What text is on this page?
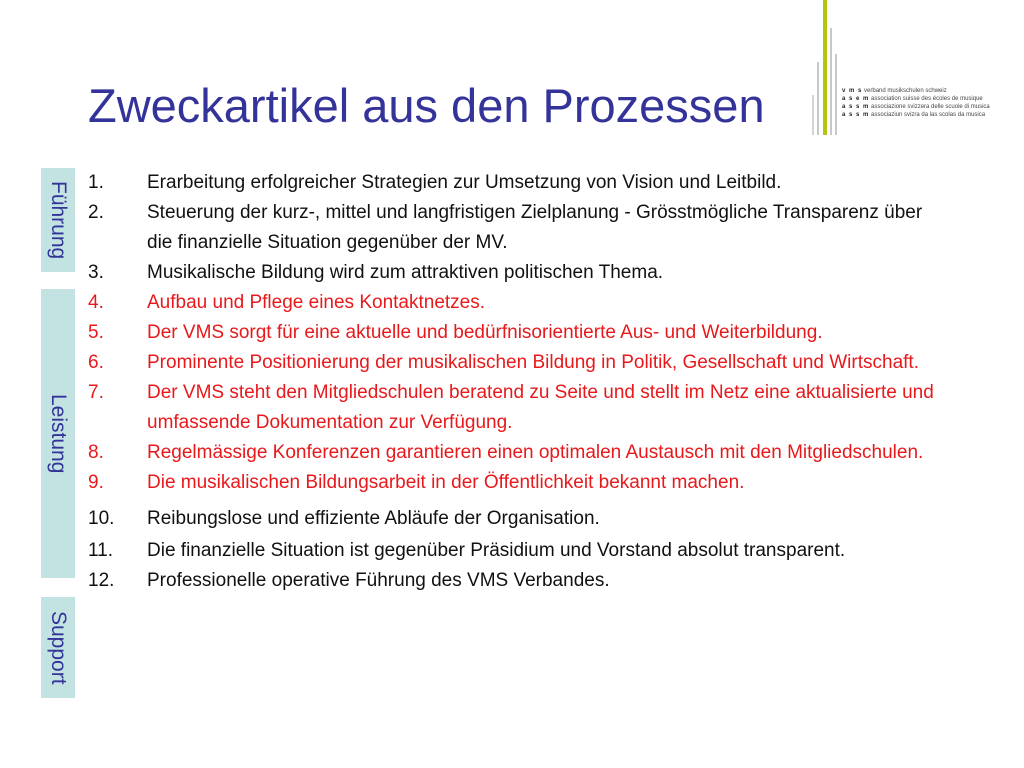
Zweckartikel aus den Prozessen	v m s verband musikschulen schweiz
a s e m association suisse des écoles de musique
a s s m associazione svizzera delle scuole di musica
a s s m associaziun svizra da las scolas da musica
Führung
Leistung
Support
1.	Erarbeitung erfolgreicher Strategien zur Umsetzung von Vision und Leitbild.
2.	Steuerung der kurz-, mittel und langfristigen Zielplanung - Grösstmögliche Transparenz über die finanzielle Situation gegenüber der MV.
3.	Musikalische Bildung wird zum attraktiven politischen Thema.
4.	Aufbau und Pflege eines Kontaktnetzes.
5.	Der VMS sorgt für eine aktuelle und bedürfnisorientierte Aus- und Weiterbildung.
6.	Prominente Positionierung der musikalischen Bildung in Politik, Gesellschaft und Wirtschaft.
7.	Der VMS steht den Mitgliedschulen beratend zu Seite und stellt im Netz eine aktualisierte und umfassende Dokumentation zur Verfügung.
8.	Regelmässige Konferenzen garantieren einen optimalen Austausch mit den Mitgliedschulen.
9.	Die musikalischen Bildungsarbeit in der Öffentlichkeit bekannt machen.
10.	Reibungslose und effiziente Abläufe der Organisation.
11.	Die finanzielle Situation ist gegenüber Präsidium und Vorstand absolut transparent.
12.	Professionelle operative Führung des VMS Verbandes.
